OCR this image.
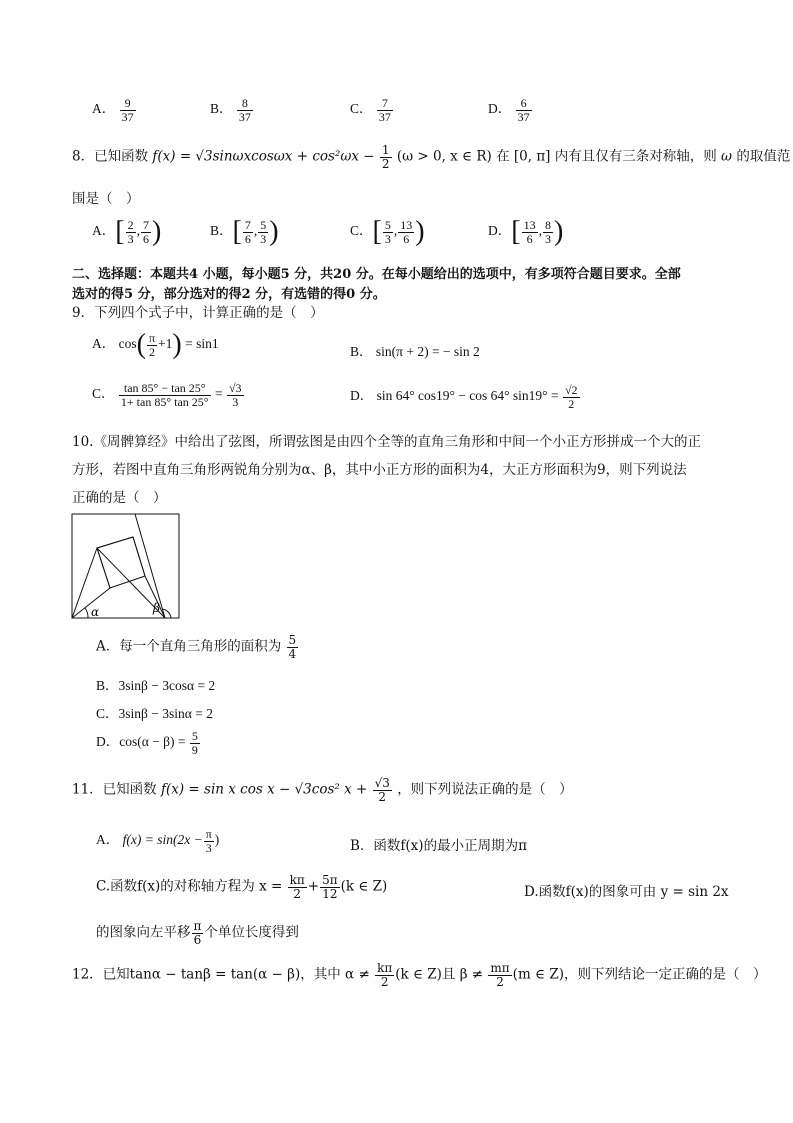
A． $\frac{9}{37}$	B． $\frac{8}{37}$	C． $\frac{7}{37}$	D． $\frac{6}{37}$
8．已知函数 $f(x) = √3\sin\omega xcos\omega x + \cos^2\omega x - \frac{1}{2} (\omega > 0$, x ∈ R) 在 [0, π] 内有且仅有三条对称轴，则 ω 的取值范
围是（　）
A．[ $\frac{2}{3}$ , $\frac{7}{6}$ )	B．[ $\frac{7}{6}$ , $\frac{5}{3}$ )	C．[ $\frac{5}{3}$ , $\frac{13}{6}$ )	D．[ $\frac{13}{6}$ , $\frac{8}{3}$ )
二、选择题：本题共4 小题，每小题5 分，共20 分。在每小题给出的选项中，有多项符合题目要求。全部
选对的得5 分，部分选对的得2 分，有选错的得0 分。
9．下列四个式子中，计算正确的是（　）
A． $\cos( \frac{\pi}{2} +1) = \sin 1$
B． sin(π + 2) = − sin 2
C． $\frac{\tan 85^\circ - \tan 25^\circ}{1+ \tan 85^\circ \tan 25^\circ} = \frac{√3}{3}$	D． sin 64° cos19° − cos 64° $\sin 19^\circ = \frac{√2}{2}$
10.《周髀算经》中给出了弦图，所谓弦图是由四个全等的直角三角形和中间一个小正方形拼成一个大的正
方形，若图中直角三角形两锐角分别为α、β，其中小正方形的面积为4，大正方形面积为9，则下列说法
正确的是（　）
α	β
A．每一个直角三角形的面积为 $\frac{5}{4}$
B．3sinβ − 3cosα = 2
C．3sinβ − 3sinα = 2
D．$\cos(\alpha - \beta) = \frac{5}{9}$
11．已知函数 f(x) = sin x cos x − √3cos² $x + \frac{√3}{2}$ ，则下列说法正确的是（　）
A． $f(x) = \sin(2x - \frac{\pi}{3}$ )	B．函数f(x)的最小正周期为π
C.函数f(x)的对称轴方程为 $x = \frac{k\pi}{2} + \frac{5\pi}{12} (k$ ∈ Z)	D.函数f(x)的图象可由 y = sin 2x
的图象向左平移 $\frac{\pi}{6}$ 个单位长度得到
12．已知tanα − tanβ = tan(α − β)，其中 $\alpha \ne \frac{k\pi}{2} (k$ ∈ Z)且 $\beta \ne \frac{m\pi}{2} (m$ ∈ Z)，则下列结论一定正确的是（　）
